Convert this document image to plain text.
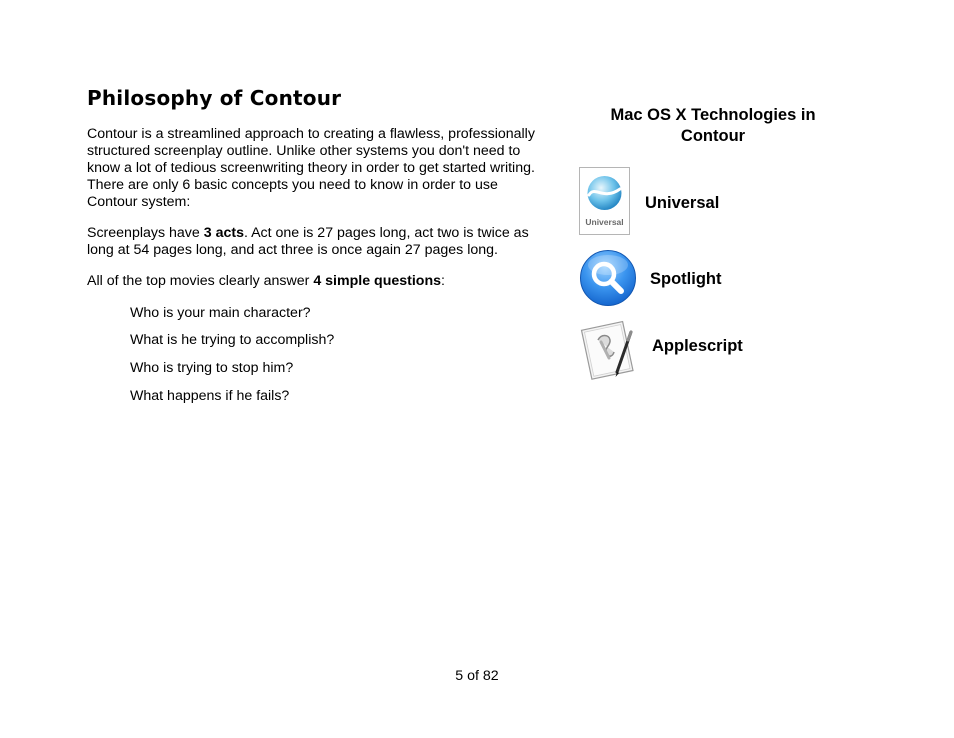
Philosophy of Contour

Contour is a streamlined approach to creating a flawless, professionally structured screenplay outline. Unlike other systems you don't need to know a lot of tedious screenwriting theory in order to get started writing. There are only 6 basic concepts you need to know in order to use Contour system:

Screenplays have 3 acts. Act one is 27 pages long, act two is twice as long at 54 pages long, and act three is once again 27 pages long.

All of the top movies clearly answer 4 simple questions:

Who is your main character?

What is he trying to accomplish?

Who is trying to stop him?

What happens if he fails?

Mac OS X Technologies in
Contour
Universal

Universal

Spotlight

Applescript

5 of 82
